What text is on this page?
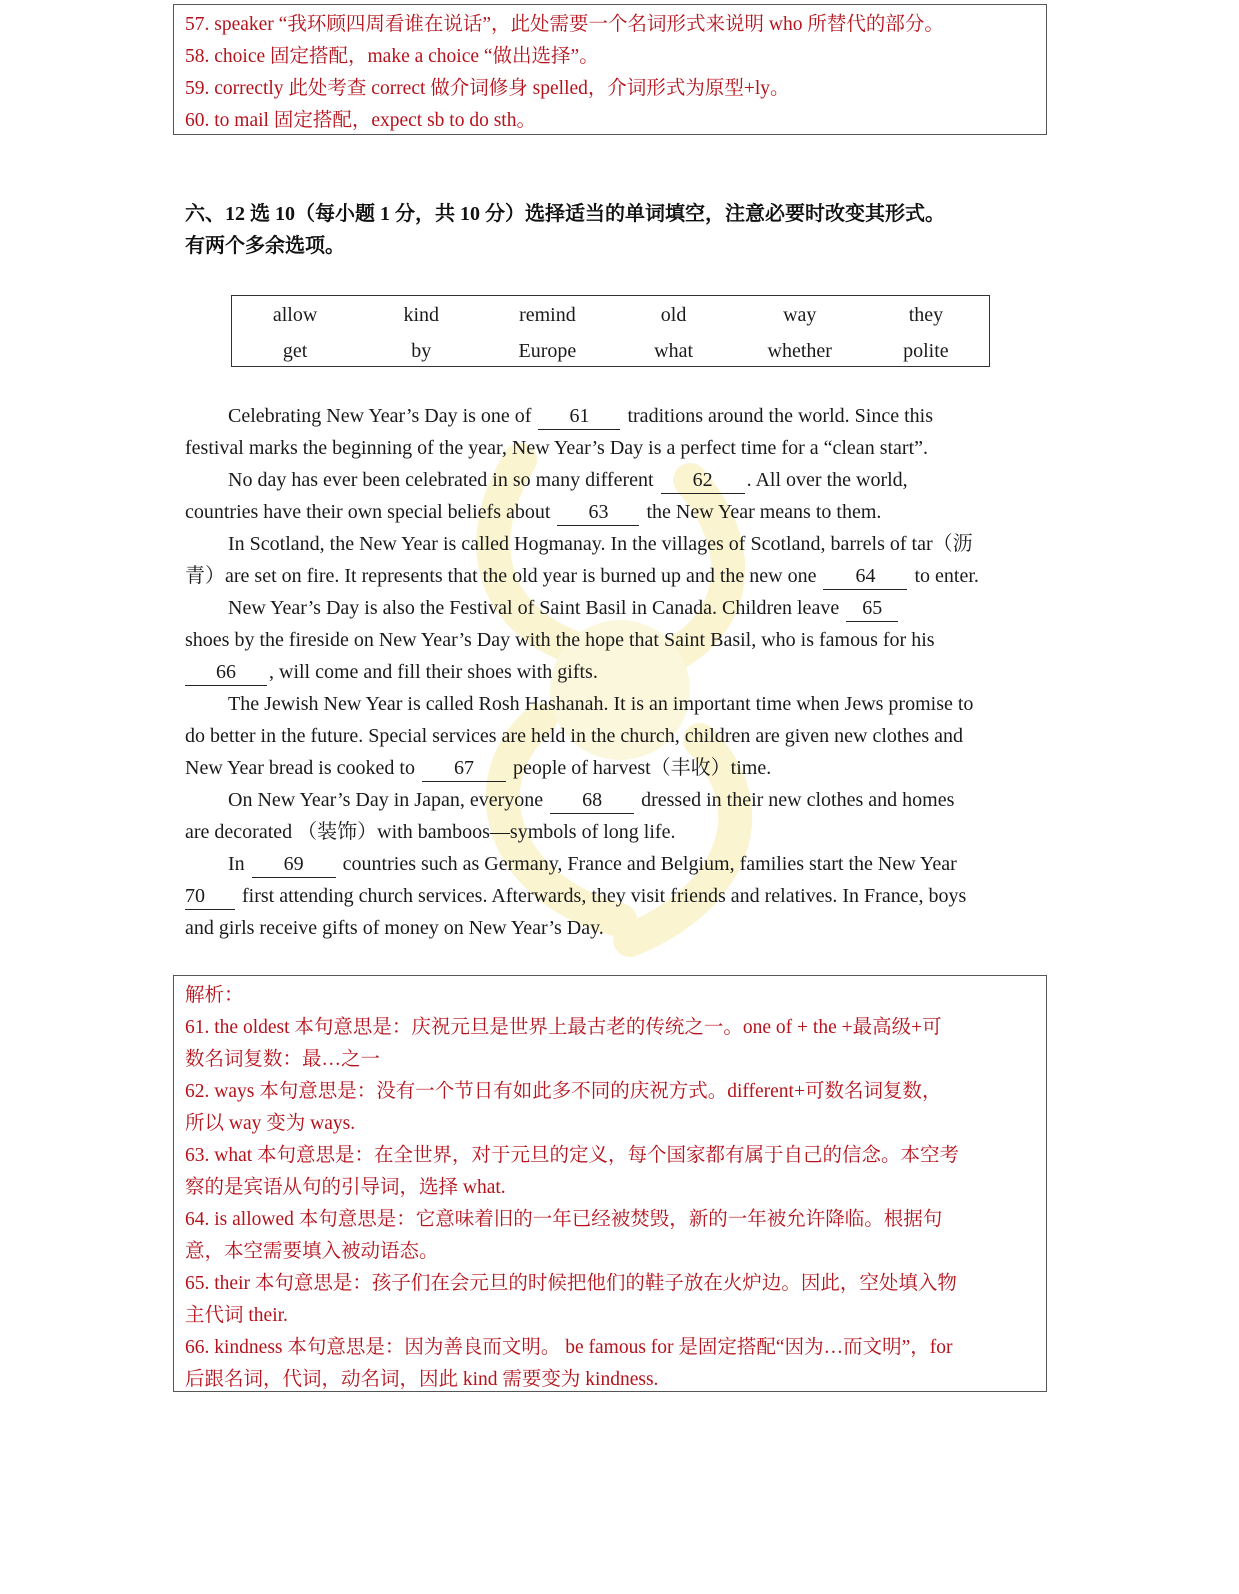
57. speaker “我环顾四周看谁在说话”，此处需要一个名词形式来说明 who 所替代的部分。
58. choice 固定搭配，make a choice “做出选择”。
59. correctly 此处考查 correct 做介词修身 spelled，介词形式为原型+ly。
60. to mail 固定搭配，expect sb to do sth。
六、12 选 10（每小题 1 分，共 10 分）选择适当的单词填空，注意必要时改变其形式。
有两个多余选项。
allow	kind	remind	old	way	they
get	by	Europe	what	whether	polite
Celebrating New Year’s Day is one of 61 traditions around the world. Since this
festival marks the beginning of the year, New Year’s Day is a perfect time for a “clean start”.
No day has ever been celebrated in so many different 62 . All over the world,
countries have their own special beliefs about 63 the New Year means to them.
In Scotland, the New Year is called Hogmanay. In the villages of Scotland, barrels of tar（沥
青）are set on fire. It represents that the old year is burned up and the new one 64 to enter.
New Year’s Day is also the Festival of Saint Basil in Canada. Children leave 65
shoes by the fireside on New Year’s Day with the hope that Saint Basil, who is famous for his
66 , will come and fill their shoes with gifts.
The Jewish New Year is called Rosh Hashanah. It is an important time when Jews promise to
do better in the future. Special services are held in the church, children are given new clothes and
New Year bread is cooked to 67 people of harvest（丰收）time.
On New Year’s Day in Japan, everyone 68 dressed in their new clothes and homes
are decorated （装饰）with bamboos—symbols of long life.
In 69 countries such as Germany, France and Belgium, families start the New Year
70 first attending church services. Afterwards, they visit friends and relatives. In France, boys
and girls receive gifts of money on New Year’s Day.
解析：
61. the oldest 本句意思是：庆祝元旦是世界上最古老的传统之一。one of + the +最高级+可
数名词复数：最…之一
62. ways 本句意思是：没有一个节日有如此多不同的庆祝方式。different+可数名词复数，
所以 way 变为 ways.
63. what 本句意思是：在全世界，对于元旦的定义，每个国家都有属于自己的信念。本空考
察的是宾语从句的引导词，选择 what.
64. is allowed 本句意思是：它意味着旧的一年已经被焚毁，新的一年被允许降临。根据句
意，本空需要填入被动语态。
65. their 本句意思是：孩子们在会元旦的时候把他们的鞋子放在火炉边。因此，空处填入物
主代词 their.
66. kindness 本句意思是：因为善良而文明。 be famous for 是固定搭配“因为…而文明”，for
后跟名词，代词，动名词，因此 kind 需要变为 kindness.
